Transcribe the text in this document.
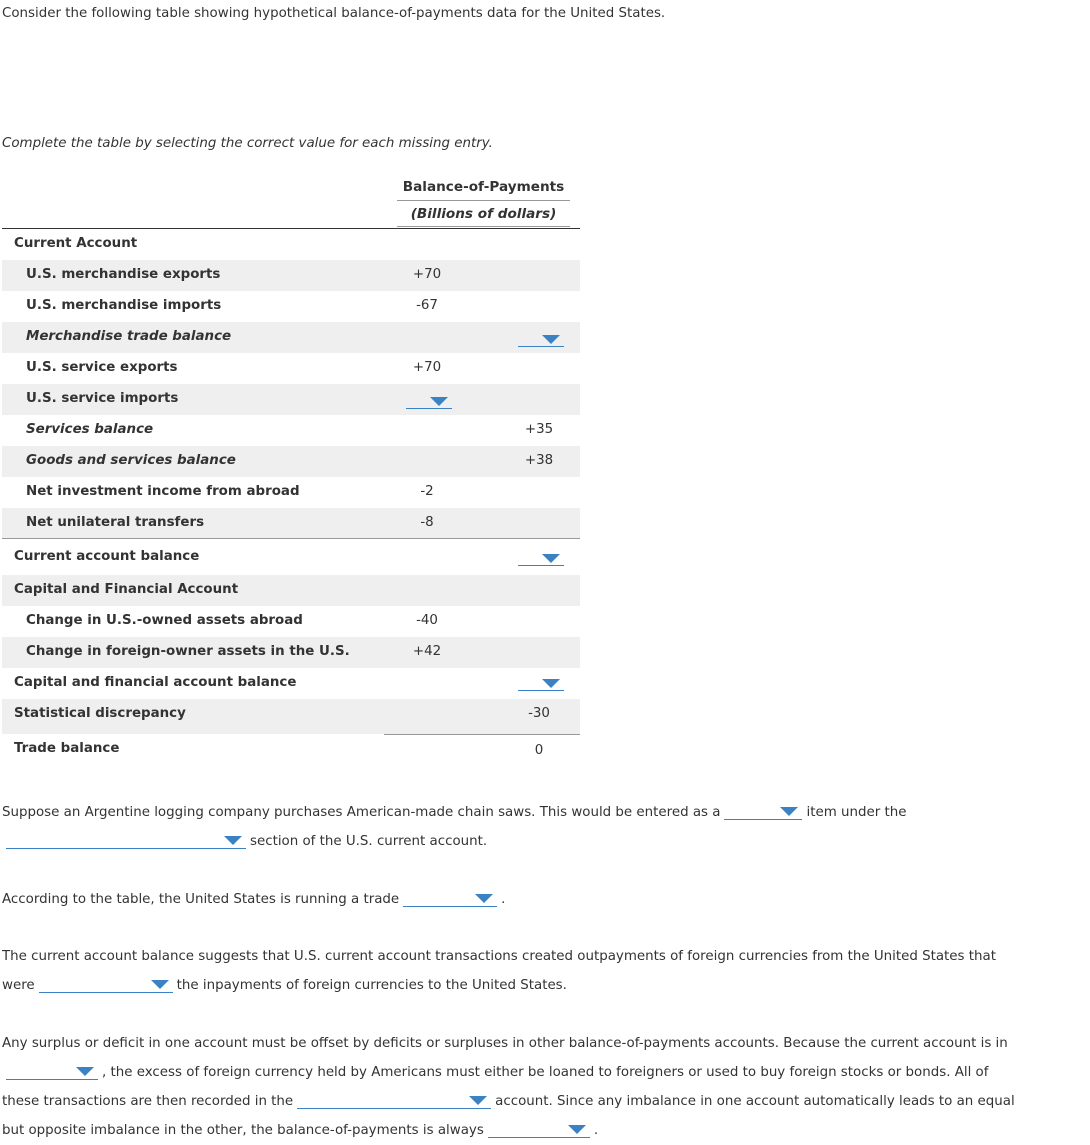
Consider the following table showing hypothetical balance-of-payments data for the United States.

Complete the table by selecting the correct value for each missing entry.

Balance-of-Payments
(Billions of dollars)
Current Account
U.S. merchandise exports	+70
U.S. merchandise imports	-67
Merchandise trade balance
U.S. service exports	+70
U.S. service imports
Services balance	+35
Goods and services balance	+38
Net investment income from abroad	-2
Net unilateral transfers	-8
Current account balance
Capital and Financial Account
Change in U.S.-owned assets abroad	-40
Change in foreign-owner assets in the U.S.	+42
Capital and financial account balance
Statistical discrepancy	-30
Trade balance	0

Suppose an Argentine logging company purchases American-made chain saws. This would be entered as a	item under the

section of the U.S. current account.

According to the table, the United States is running a trade	.

The current account balance suggests that U.S. current account transactions created outpayments of foreign currencies from the United States that
were	the inpayments of foreign currencies to the United States.

Any surplus or deficit in one account must be offset by deficits or surpluses in other balance-of-payments accounts. Because the current account is in

, the excess of foreign currency held by Americans must either be loaned to foreigners or used to buy foreign stocks or bonds. All of
these transactions are then recorded in the	account. Since any imbalance in one account automatically leads to an equal
but opposite imbalance in the other, the balance-of-payments is always	.
